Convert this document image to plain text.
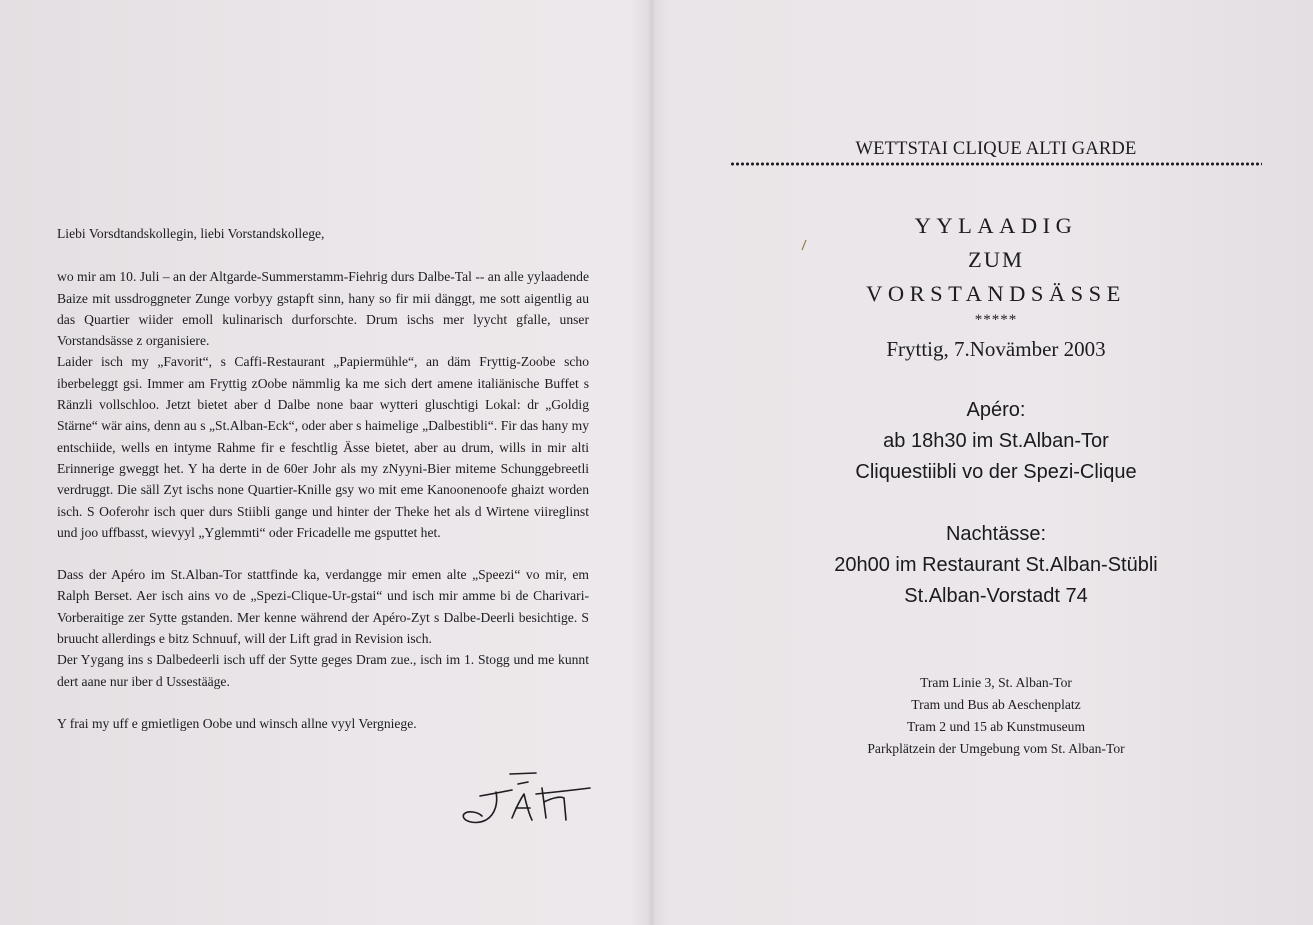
Liebi Vorsdtandskollegin, liebi Vorstandskollege,

wo mir am 10. Juli – an der Altgarde-Summerstamm-Fiehrig durs Dalbe-Tal -- an alle yylaadende Baize mit ussdroggneter Zunge vorbyy gstapft sinn, hany so fir mii dänggt, me sott aigentlig au das Quartier wiider emoll kulinarisch durforschte. Drum ischs mer lyycht gfalle, unser Vorstandsässe z organisiere.

Laider isch my „Favorit“, s Caffi-Restaurant „Papiermühle“, an däm Fryttig-Zoobe scho iberbeleggt gsi. Immer am Fryttig zOobe nämmlig ka me sich dert amene italiänische Buffet s Ränzli vollschloo. Jetzt bietet aber d Dalbe none baar wytteri gluschtigi Lokal: dr „Goldig Stärne“ wär ains, denn au s „St.Alban-Eck“, oder aber s haimelige „Dalbestibli“. Fir das hany my entschiide, wells en intyme Rahme fir e feschtlig Ässe bietet, aber au drum, wills in mir alti Erinnerige gweggt het. Y ha derte in de 60er Johr als my zNyyni-Bier miteme Schunggebreetli verdruggt. Die säll Zyt ischs none Quartier-Knille gsy wo mit eme Kanoonenoofe ghaizt worden isch. S Ooferohr isch quer durs Stiibli gange und hinter der Theke het als d Wirtene viireglinst und joo uffbasst, wievyyl „Yglemmti“ oder Fricadelle me gsputtet het.

Dass der Apéro im St.Alban-Tor stattfinde ka, verdangge mir emen alte „Speezi“ vo mir, em Ralph Berset. Aer isch ains vo de „Spezi-Clique-Ur-gstai“ und isch mir amme bi de Charivari-Vorberaitige zer Sytte gstanden. Mer kenne während der Apéro-Zyt s Dalbe-Deerli besichtige. S bruucht allerdings e bitz Schnuuf, will der Lift grad in Revision isch.

Der Yygang ins s Dalbedeerli isch uff der Sytte geges Dram zue., isch im 1. Stogg und me kunnt dert aane nur iber d Ussestääge.

Y frai my uff e gmietligen Oobe und winsch allne vyyl Vergniege.

WETTSTAI CLIQUE ALTI GARDE
YYLAADIG
ZUM
VORSTANDSÄSSE
*****
Fryttig, 7.Novämber 2003
Apéro:
ab 18h30 im St.Alban-Tor
Cliquestiibli vo der Spezi-Clique
Nachtässe:
20h00 im Restaurant St.Alban-Stübli
St.Alban-Vorstadt 74
Tram Linie 3, St. Alban-Tor
Tram und Bus ab Aeschenplatz
Tram 2 und 15 ab Kunstmuseum
Parkplätzein der Umgebung vom St. Alban-Tor
